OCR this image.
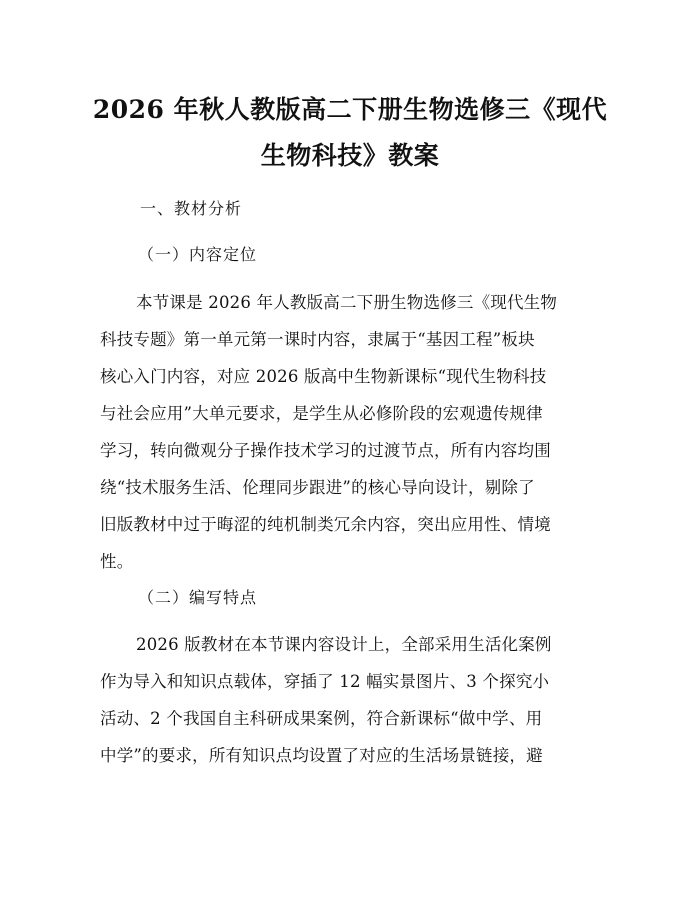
2026 年秋人教版高二下册生物选修三《现代
生物科技》教案
一、教材分析
（一）内容定位
本节课是 2026 年人教版高二下册生物选修三《现代生物
科技专题》第一单元第一课时内容，隶属于“基因工程”板块
核心入门内容，对应 2026 版高中生物新课标“现代生物科技
与社会应用”大单元要求，是学生从必修阶段的宏观遗传规律
学习，转向微观分子操作技术学习的过渡节点，所有内容均围
绕“技术服务生活、伦理同步跟进”的核心导向设计，剔除了
旧版教材中过于晦涩的纯机制类冗余内容，突出应用性、情境
性。
（二）编写特点
2026 版教材在本节课内容设计上，全部采用生活化案例
作为导入和知识点载体，穿插了 12 幅实景图片、3 个探究小
活动、2 个我国自主科研成果案例，符合新课标“做中学、用
中学”的要求，所有知识点均设置了对应的生活场景链接，避
